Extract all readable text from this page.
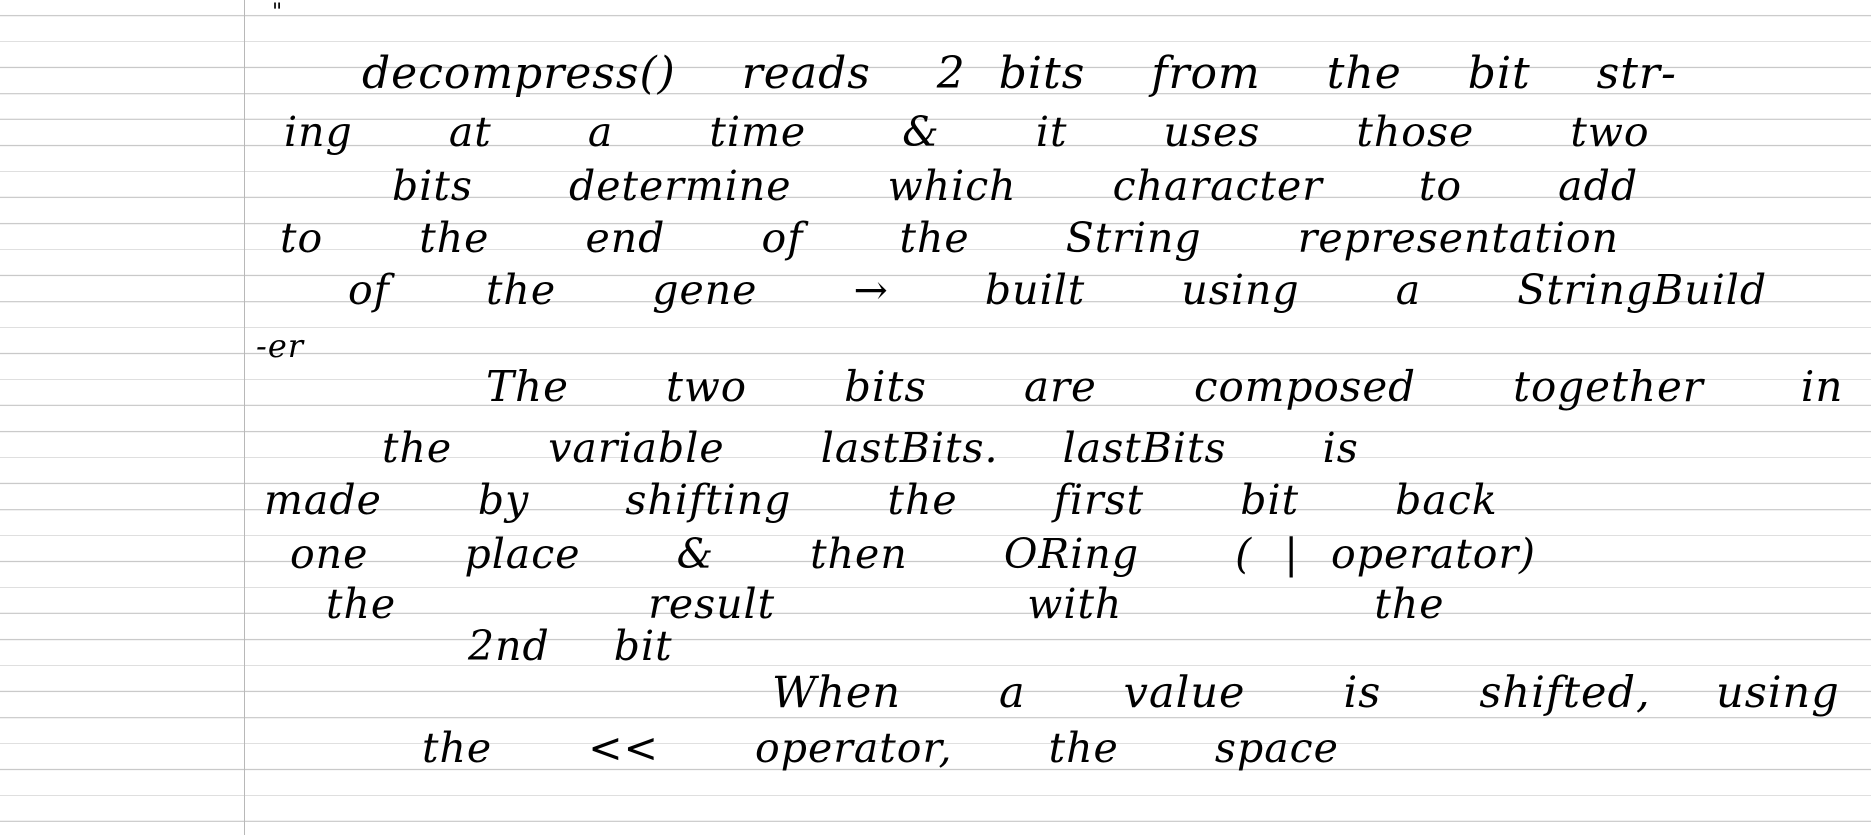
"
decompress()  reads  2 bits  from  the  bit  str-
ing   at   a   time   &   it   uses   those   two
bits   determine   which   character   to   add
to   the   end   of   the   String   representation
of   the   gene   →   built   using   a   StringBuild
-er
The   two   bits   are   composed   together   in
the   variable   lastBits.  lastBits   is
made   by   shifting   the   first   bit   back
one   place   &   then   ORing   ( | operator)
the   result   with   the
2nd  bit
When   a   value   is   shifted,  using
the   <<   operator,   the   space
